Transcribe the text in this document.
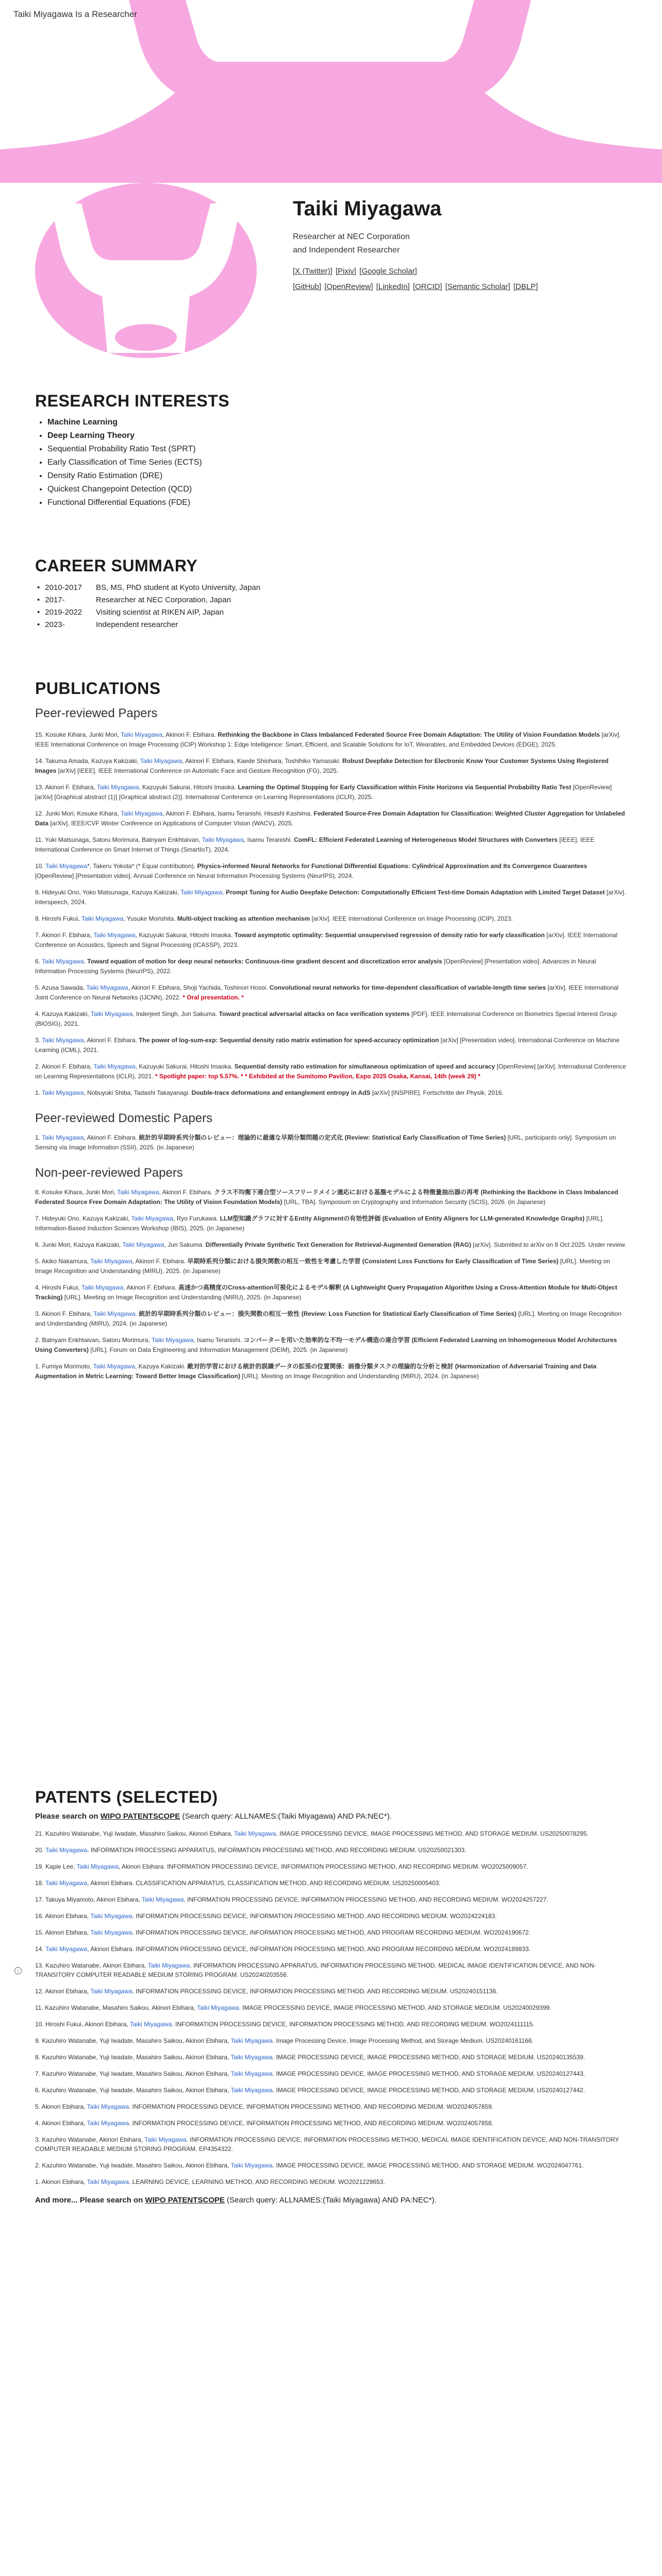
Taiki Miyagawa Is a Researcher
Taiki Miyagawa
Researcher at NEC Corporation
and Independent Researcher
[X (Twitter)] [Pixiv] [Google Scholar]
[GitHub] [OpenReview] [LinkedIn] [ORCID] [Semantic Scholar] [DBLP]
RESEARCH INTERESTS
• Machine Learning
• Deep Learning Theory
• Sequential Probability Ratio Test (SPRT)
• Early Classification of Time Series (ECTS)
• Density Ratio Estimation (DRE)
• Quickest Changepoint Detection (QCD)
• Functional Differential Equations (FDE)
CAREER SUMMARY
• 2010-2017	BS, MS, PhD student at Kyoto University, Japan
• 2017-	Researcher at NEC Corporation, Japan
• 2019-2022	Visiting scientist at RIKEN AIP, Japan
• 2023-	Independent researcher
PUBLICATIONS
Peer-reviewed Papers
15. Kosuke Kihara, Junki Mori, Taiki Miyagawa, Akinori F. Ebihara. Rethinking the Backbone in Class Imbalanced Federated Source Free Domain Adaptation: The Utility of Vision Foundation Models [arXiv]. IEEE International Conference on Image Processing (ICIP) Workshop 1: Edge Intelligence: Smart, Efficient, and Scalable Solutions for IoT, Wearables, and Embedded Devices (EDGE), 2025.
14. Takuma Amada, Kazuya Kakizaki, Taiki Miyagawa, Akinori F. Ebihara, Kaede Shiohara, Toshihiko Yamasaki. Robust Deepfake Detection for Electronic Know Your Customer Systems Using Registered Images [arXiv] [IEEE]. IEEE International Conference on Automatic Face and Gesture Recognition (FG), 2025.
13. Akinori F. Ebihara, Taiki Miyagawa, Kazuyuki Sakurai, Hitoshi Imaoka. Learning the Optimal Stopping for Early Classification within Finite Horizons via Sequential Probability Ratio Test [OpenReview] [arXiv] [Graphical abstract (1)] [Graphical abstract (2)]. International Conference on Learning Representations (ICLR), 2025.
12. Junki Mori, Kosuke Kihara, Taiki Miyagawa, Akinori F. Ebihara, Isamu Teranishi, Hisashi Kashima. Federated Source-Free Domain Adaptation for Classification: Weighted Cluster Aggregation for Unlabeled Data [arXiv]. IEEE/CVF Winter Conference on Applications of Computer Vision (WACV), 2025.
11. Yuki Matsunaga, Satoru Morimura, Batnyam Enkhtaivan, Taiki Miyagawa, Isamu Teranishi. ComFL: Efficient Federated Learning of Heterogeneous Model Structures with Converters [IEEE]. IEEE International Conference on Smart Internet of Things (SmartIoT), 2024.
10. Taiki Miyagawa*, Takeru Yokota* (* Equal contribution). Physics-informed Neural Networks for Functional Differential Equations: Cylindrical Approximation and Its Convergence Guarantees [OpenReview] [Presentation video]. Annual Conference on Neural Information Processing Systems (NeurIPS), 2024.
9. Hideyuki Ono, Yoko Matsunaga, Kazuya Kakizaki, Taiki Miyagawa. Prompt Tuning for Audio Deepfake Detection: Computationally Efficient Test-time Domain Adaptation with Limited Target Dataset [arXiv]. Interspeech, 2024.
8. Hiroshi Fukui, Taiki Miyagawa, Yusuke Morishita. Multi-object tracking as attention mechanism [arXiv]. IEEE International Conference on Image Processing (ICIP), 2023.
7. Akinori F. Ebihara, Taiki Miyagawa, Kazuyuki Sakurai, Hitoshi Imaoka. Toward asymptotic optimality: Sequential unsupervised regression of density ratio for early classification [arXiv]. IEEE International Conference on Acoustics, Speech and Signal Processing (ICASSP), 2023.
6. Taiki Miyagawa. Toward equation of motion for deep neural networks: Continuous-time gradient descent and discretization error analysis [OpenReview] [Presentation video]. Advances in Neural Information Processing Systems (NeurIPS), 2022.
5. Azusa Sawada, Taiki Miyagawa, Akinori F. Ebihara, Shoji Yachida, Toshinori Hosoi. Convolutional neural networks for time-dependent classification of variable-length time series [arXiv]. IEEE International Joint Conference on Neural Networks (IJCNN), 2022. * Oral presentation. *
4. Kazuya Kakizaki, Taiki Miyagawa, Inderjeet Singh, Jun Sakuma. Toward practical adversarial attacks on face verification systems [PDF]. IEEE International Conference on Biometrics Special Interest Group (BIOSIG), 2021.
3. Taiki Miyagawa, Akinori F. Ebihara. The power of log-sum-exp: Sequential density ratio matrix estimation for speed-accuracy optimization [arXiv] [Presentation video]. International Conference on Machine Learning (ICML), 2021.
2. Akinori F. Ebihara, Taiki Miyagawa, Kazuyuki Sakurai, Hitoshi Imaoka. Sequential density ratio estimation for simultaneous optimization of speed and accuracy [OpenReview] [arXiv]. International Conference on Learning Representations (ICLR), 2021. * Spotlight paper: top 5.57%. * * Exhibited at the Sumitomo Pavilion, Expo 2025 Osaka, Kansai, 14th (week 29) *
1. Taiki Miyagawa, Nobuyuki Shiba, Tadashi Takayanagi. Double-trace deformations and entanglement entropy in AdS [arXiv] [INSPIRE]. Fortschritte der Physik, 2016.
Peer-reviewed Domestic Papers
1. Taiki Miyagawa, Akinori F. Ebihara. 統計的早期時系列分類のレビュー：理論的に最適な早期分類問題の定式化 (Review: Statistical Early Classification of Time Series) [URL, participants only]. Symposium on Sensing via Image Information (SSII), 2025. (in Japanese)
Non-peer-reviewed Papers
8. Kosuke Kihara, Junki Mori, Taiki Miyagawa, Akinori F. Ebihara. クラス不均衡下連合型ソースフリードメイン適応における基盤モデルによる特徴量抽出器の再考 (Rethinking the Backbone in Class Imbalanced Federated Source Free Domain Adaptation: The Utility of Vision Foundation Models) [URL, TBA]. Symposium on Cryptography and Information Security (SCIS), 2026. (in Japanese)
7. Hideyuki Ono, Kazuya Kakizaki, Taiki Miyagawa, Ryo Furukawa. LLM型知識グラフに対するEntity Alignmentの有効性評価 (Evaluation of Entity Aligners for LLM-generated Knowledge Graphs) [URL]. Information-Based Induction Sciences Workshop (IBIS), 2025. (in Japanese)
6. Junki Mori, Kazuya Kakizaki, Taiki Miyagawa, Jun Sakuma. Differentially Private Synthetic Text Generation for Retrieval-Augmented Generation (RAG) [arXiv]. Submitted to arXiv on 8 Oct 2025. Under review.
5. Akiko Nakamura, Taiki Miyagawa, Akinori F. Ebihara. 早期時系列分類における損失関数の相互一致性を考慮した学習 (Consistent Loss Functions for Early Classification of Time Series) [URL]. Meeting on Image Recognition and Understanding (MIRU), 2025. (in Japanese)
4. Hiroshi Fukui, Taiki Miyagawa, Akinori F. Ebihara. 高速かつ高精度のCross-attention可視化によるモデル解釈 (A Lightweight Query Propagation Algorithm Using a Cross-Attention Module for Multi-Object Tracking) [URL]. Meeting on Image Recognition and Understanding (MIRU), 2025. (in Japanese)
3. Akinori F. Ebihara, Taiki Miyagawa. 統計的早期時系列分類のレビュー：損失関数の相互一致性 (Review: Loss Function for Statistical Early Classification of Time Series) [URL]. Meeting on Image Recognition and Understanding (MIRU), 2024. (in Japanese)
2. Batnyam Enkhtaivan, Satoru Morimura, Taiki Miyagawa, Isamu Teranishi. コンバーターを用いた効率的な不均一モデル構造の連合学習 (Efficient Federated Learning on Inhomogeneous Model Architectures Using Converters) [URL]. Forum on Data Engineering and Information Management (DEIM), 2025. (in Japanese)
1. Fumiya Morimoto, Taiki Miyagawa, Kazuya Kakizaki. 敵対的学習における統計的誤識データの拡張の位置関係：画像分類タスクの理論的な分析と検討 (Harmonization of Adversarial Training and Data Augmentation in Metric Learning: Toward Better Image Classification) [URL]. Meeting on Image Recognition and Understanding (MIRU), 2024. (in Japanese)
PATENTS (SELECTED)
Please search on WIPO PATENTSCOPE (Search query: ALLNAMES:(Taiki Miyagawa) AND PA:NEC*).
21. Kazuhiro Watanabe, Yuji Iwadate, Masahiro Saikou, Akinori Ebihara, Taiki Miyagawa. IMAGE PROCESSING DEVICE, IMAGE PROCESSING METHOD, AND STORAGE MEDIUM. US20250078295.
20. Taiki Miyagawa. INFORMATION PROCESSING APPARATUS, INFORMATION PROCESSING METHOD, AND RECORDING MEDIUM. US20250021303.
19. Kapie Lee, Taiki Miyagawa, Akinori Ebihara. INFORMATION PROCESSING DEVICE, INFORMATION PROCESSING METHOD, AND RECORDING MEDIUM. WO2025009057.
18. Taiki Miyagawa, Akinori Ebihara. CLASSIFICATION APPARATUS, CLASSIFICATION METHOD, AND RECORDING MEDIUM. US20250005403.
17. Takuya Miyamoto, Akinori Ebihara, Taiki Miyagawa. INFORMATION PROCESSING DEVICE, INFORMATION PROCESSING METHOD, AND RECORDING MEDIUM. WO2024257227.
16. Akinori Ebihara, Taiki Miyagawa. INFORMATION PROCESSING DEVICE, INFORMATION PROCESSING METHOD, AND RECORDING MEDIUM. WO2024224183.
15. Akinori Ebihara, Taiki Miyagawa. INFORMATION PROCESSING DEVICE, INFORMATION PROCESSING METHOD, AND PROGRAM RECORDING MEDIUM. WO2024190672.
14. Taiki Miyagawa, Akinori Ebihara. INFORMATION PROCESSING DEVICE, INFORMATION PROCESSING METHOD, AND PROGRAM RECORDING MEDIUM. WO2024189833.
13. Kazuhiro Watanabe, Akinori Ebihara, Taiki Miyagawa. INFORMATION PROCESSING APPARATUS, INFORMATION PROCESSING METHOD, MEDICAL IMAGE IDENTIFICATION DEVICE, AND NON-TRANSITORY COMPUTER READABLE MEDIUM STORING PROGRAM. US20240203556.
12. Akinori Ebihara, Taiki Miyagawa. INFORMATION PROCESSING DEVICE, INFORMATION PROCESSING METHOD, AND RECORDING MEDIUM. US20240151136.
11. Kazuhiro Watanabe, Masahiro Saikou, Akinori Ebihara, Taiki Miyagawa. IMAGE PROCESSING DEVICE, IMAGE PROCESSING METHOD, AND STORAGE MEDIUM. US20240029399.
10. Hiroshi Fukui, Akinori Ebihara, Taiki Miyagawa. INFORMATION PROCESSING DEVICE, INFORMATION PROCESSING METHOD, AND RECORDING MEDIUM. WO2024111115.
9. Kazuhiro Watanabe, Yuji Iwadate, Masahiro Saikou, Akinori Ebihara, Taiki Miyagawa. Image Processing Device, Image Processing Method, and Storage Medium. US20240161166.
8. Kazuhiro Watanabe, Yuji Iwadate, Masahiro Saikou, Akinori Ebihara, Taiki Miyagawa. IMAGE PROCESSING DEVICE, IMAGE PROCESSING METHOD, AND STORAGE MEDIUM. US20240135539.
7. Kazuhiro Watanabe, Yuji Iwadate, Masahiro Saikou, Akinori Ebihara, Taiki Miyagawa. IMAGE PROCESSING DEVICE, IMAGE PROCESSING METHOD, AND STORAGE MEDIUM. US20240127443.
6. Kazuhiro Watanabe, Yuji Iwadate, Masahiro Saikou, Akinori Ebihara, Taiki Miyagawa. IMAGE PROCESSING DEVICE, IMAGE PROCESSING METHOD, AND STORAGE MEDIUM. US20240127442.
5. Akinori Ebihara, Taiki Miyagawa. INFORMATION PROCESSING DEVICE, INFORMATION PROCESSING METHOD, AND RECORDING MEDIUM. WO2024057859.
4. Akinori Ebihara, Taiki Miyagawa. INFORMATION PROCESSING DEVICE, INFORMATION PROCESSING METHOD, AND RECORDING MEDIUM. WO2024057858.
3. Kazuhiro Watanabe, Akinori Ebihara, Taiki Miyagawa. INFORMATION PROCESSING DEVICE, INFORMATION PROCESSING METHOD, MEDICAL IMAGE IDENTIFICATION DEVICE, AND NON-TRANSITORY COMPUTER READABLE MEDIUM STORING PROGRAM. EP4354322.
2. Kazuhiro Watanabe, Yuji Iwadate, Masahiro Saikou, Akinori Ebihara, Taiki Miyagawa. IMAGE PROCESSING DEVICE, IMAGE PROCESSING METHOD, AND STORAGE MEDIUM. WO2024047761.
1. Akinori Ebihara, Taiki Miyagawa. LEARNING DEVICE, LEARNING METHOD, AND RECORDING MEDIUM. WO2021229653.
And more... Please search on WIPO PATENTSCOPE (Search query: ALLNAMES:(Taiki Miyagawa) AND PA:NEC*).

i
